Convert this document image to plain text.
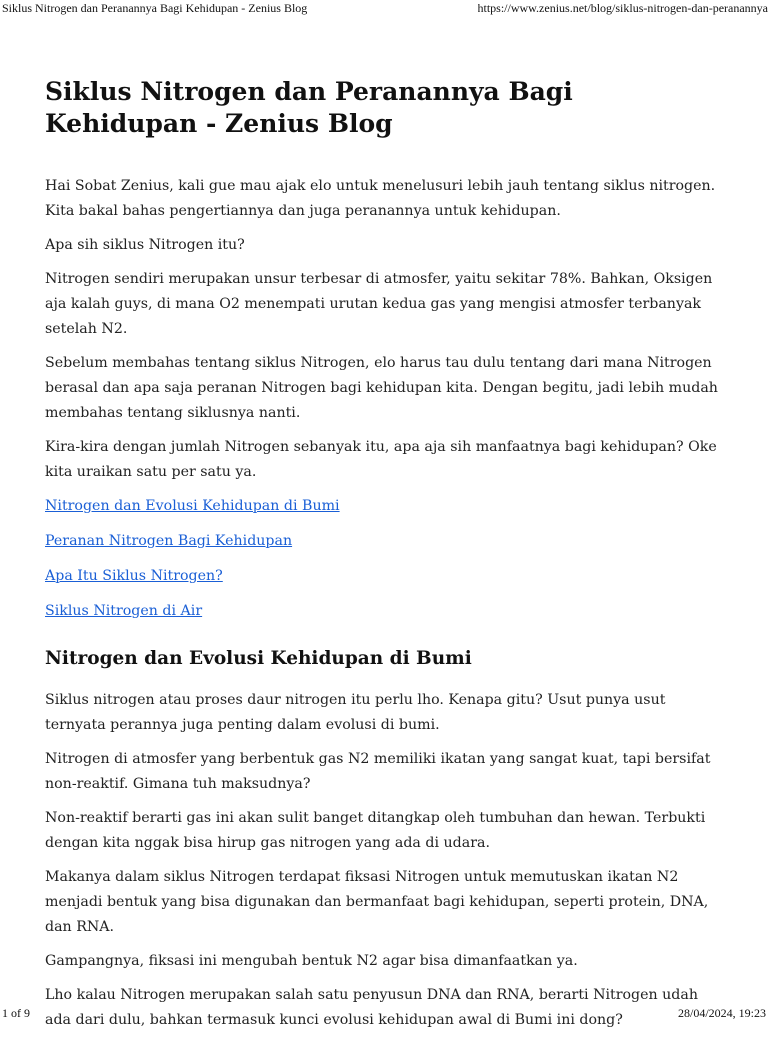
Siklus Nitrogen dan Peranannya Bagi Kehidupan - Zenius Blog	https://www.zenius.net/blog/siklus-nitrogen-dan-peranannya
Siklus Nitrogen dan Peranannya Bagi Kehidupan - Zenius Blog

Hai Sobat Zenius, kali gue mau ajak elo untuk menelusuri lebih jauh tentang siklus nitrogen. Kita bakal bahas pengertiannya dan juga peranannya untuk kehidupan.

Apa sih siklus Nitrogen itu?

Nitrogen sendiri merupakan unsur terbesar di atmosfer, yaitu sekitar 78%. Bahkan, Oksigen aja kalah guys, di mana O2 menempati urutan kedua gas yang mengisi atmosfer terbanyak setelah N2.

Sebelum membahas tentang siklus Nitrogen, elo harus tau dulu tentang dari mana Nitrogen berasal dan apa saja peranan Nitrogen bagi kehidupan kita. Dengan begitu, jadi lebih mudah membahas tentang siklusnya nanti.

Kira-kira dengan jumlah Nitrogen sebanyak itu, apa aja sih manfaatnya bagi kehidupan? Oke kita uraikan satu per satu ya.

Nitrogen dan Evolusi Kehidupan di Bumi
Peranan Nitrogen Bagi Kehidupan
Apa Itu Siklus Nitrogen?
Siklus Nitrogen di Air
Nitrogen dan Evolusi Kehidupan di Bumi

Siklus nitrogen atau proses daur nitrogen itu perlu lho. Kenapa gitu? Usut punya usut ternyata perannya juga penting dalam evolusi di bumi.

Nitrogen di atmosfer yang berbentuk gas N2 memiliki ikatan yang sangat kuat, tapi bersifat non-reaktif. Gimana tuh maksudnya?

Non-reaktif berarti gas ini akan sulit banget ditangkap oleh tumbuhan dan hewan. Terbukti dengan kita nggak bisa hirup gas nitrogen yang ada di udara.

Makanya dalam siklus Nitrogen terdapat fiksasi Nitrogen untuk memutuskan ikatan N2 menjadi bentuk yang bisa digunakan dan bermanfaat bagi kehidupan, seperti protein, DNA, dan RNA.

Gampangnya, fiksasi ini mengubah bentuk N2 agar bisa dimanfaatkan ya.

Lho kalau Nitrogen merupakan salah satu penyusun DNA dan RNA, berarti Nitrogen udah ada dari dulu, bahkan termasuk kunci evolusi kehidupan awal di Bumi ini dong?

1 of 9	28/04/2024, 19:23
